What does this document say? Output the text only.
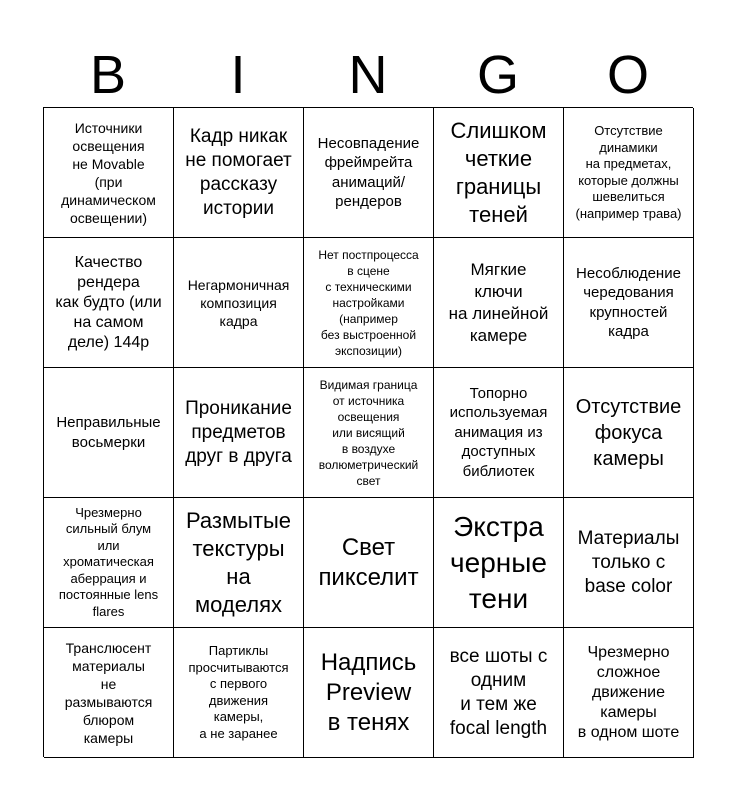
B	I	N	G	O
Источники
освещения
не Movable
(при
динамическом
освещении)
Кадр никак
не помогает
рассказу
истории
Несовпадение
фреймрейта
анимаций/
рендеров
Слишком
четкие
границы
теней
Отсутствие
динамики
на предметах,
которые должны
шевелиться
(например трава)
Качество
рендера
как будто (или
на самом
деле) 144p
Негармоничная
композиция
кадра
Нет постпроцесса
в сцене
с техническими
настройками
(например
без выстроенной
экспозиции)
Мягкие
ключи
на линейной
камере
Несоблюдение
чередования
крупностей
кадра
Неправильные
восьмерки
Проникание
предметов
друг в друга
Видимая граница
от источника
освещения
или висящий
в воздухе
волюметрический
свет
Топорно
используемая
анимация из
доступных
библиотек
Отсутствие
фокуса
камеры
Чрезмерно
сильный блум
или
хроматическая
аберрация и
постоянные lens
flares
Размытые
текстуры
на
моделях
Свет
пикселит
Экстра
черные
тени
Материалы
только с
base color
Транслюсент
материалы
не
размываются
блюром
камеры
Партиклы
просчитываются
с первого
движения
камеры,
а не заранее
Надпись
Preview
в тенях
все шоты с
одним
и тем же
focal length
Чрезмерно
сложное
движение
камеры
в одном шоте
